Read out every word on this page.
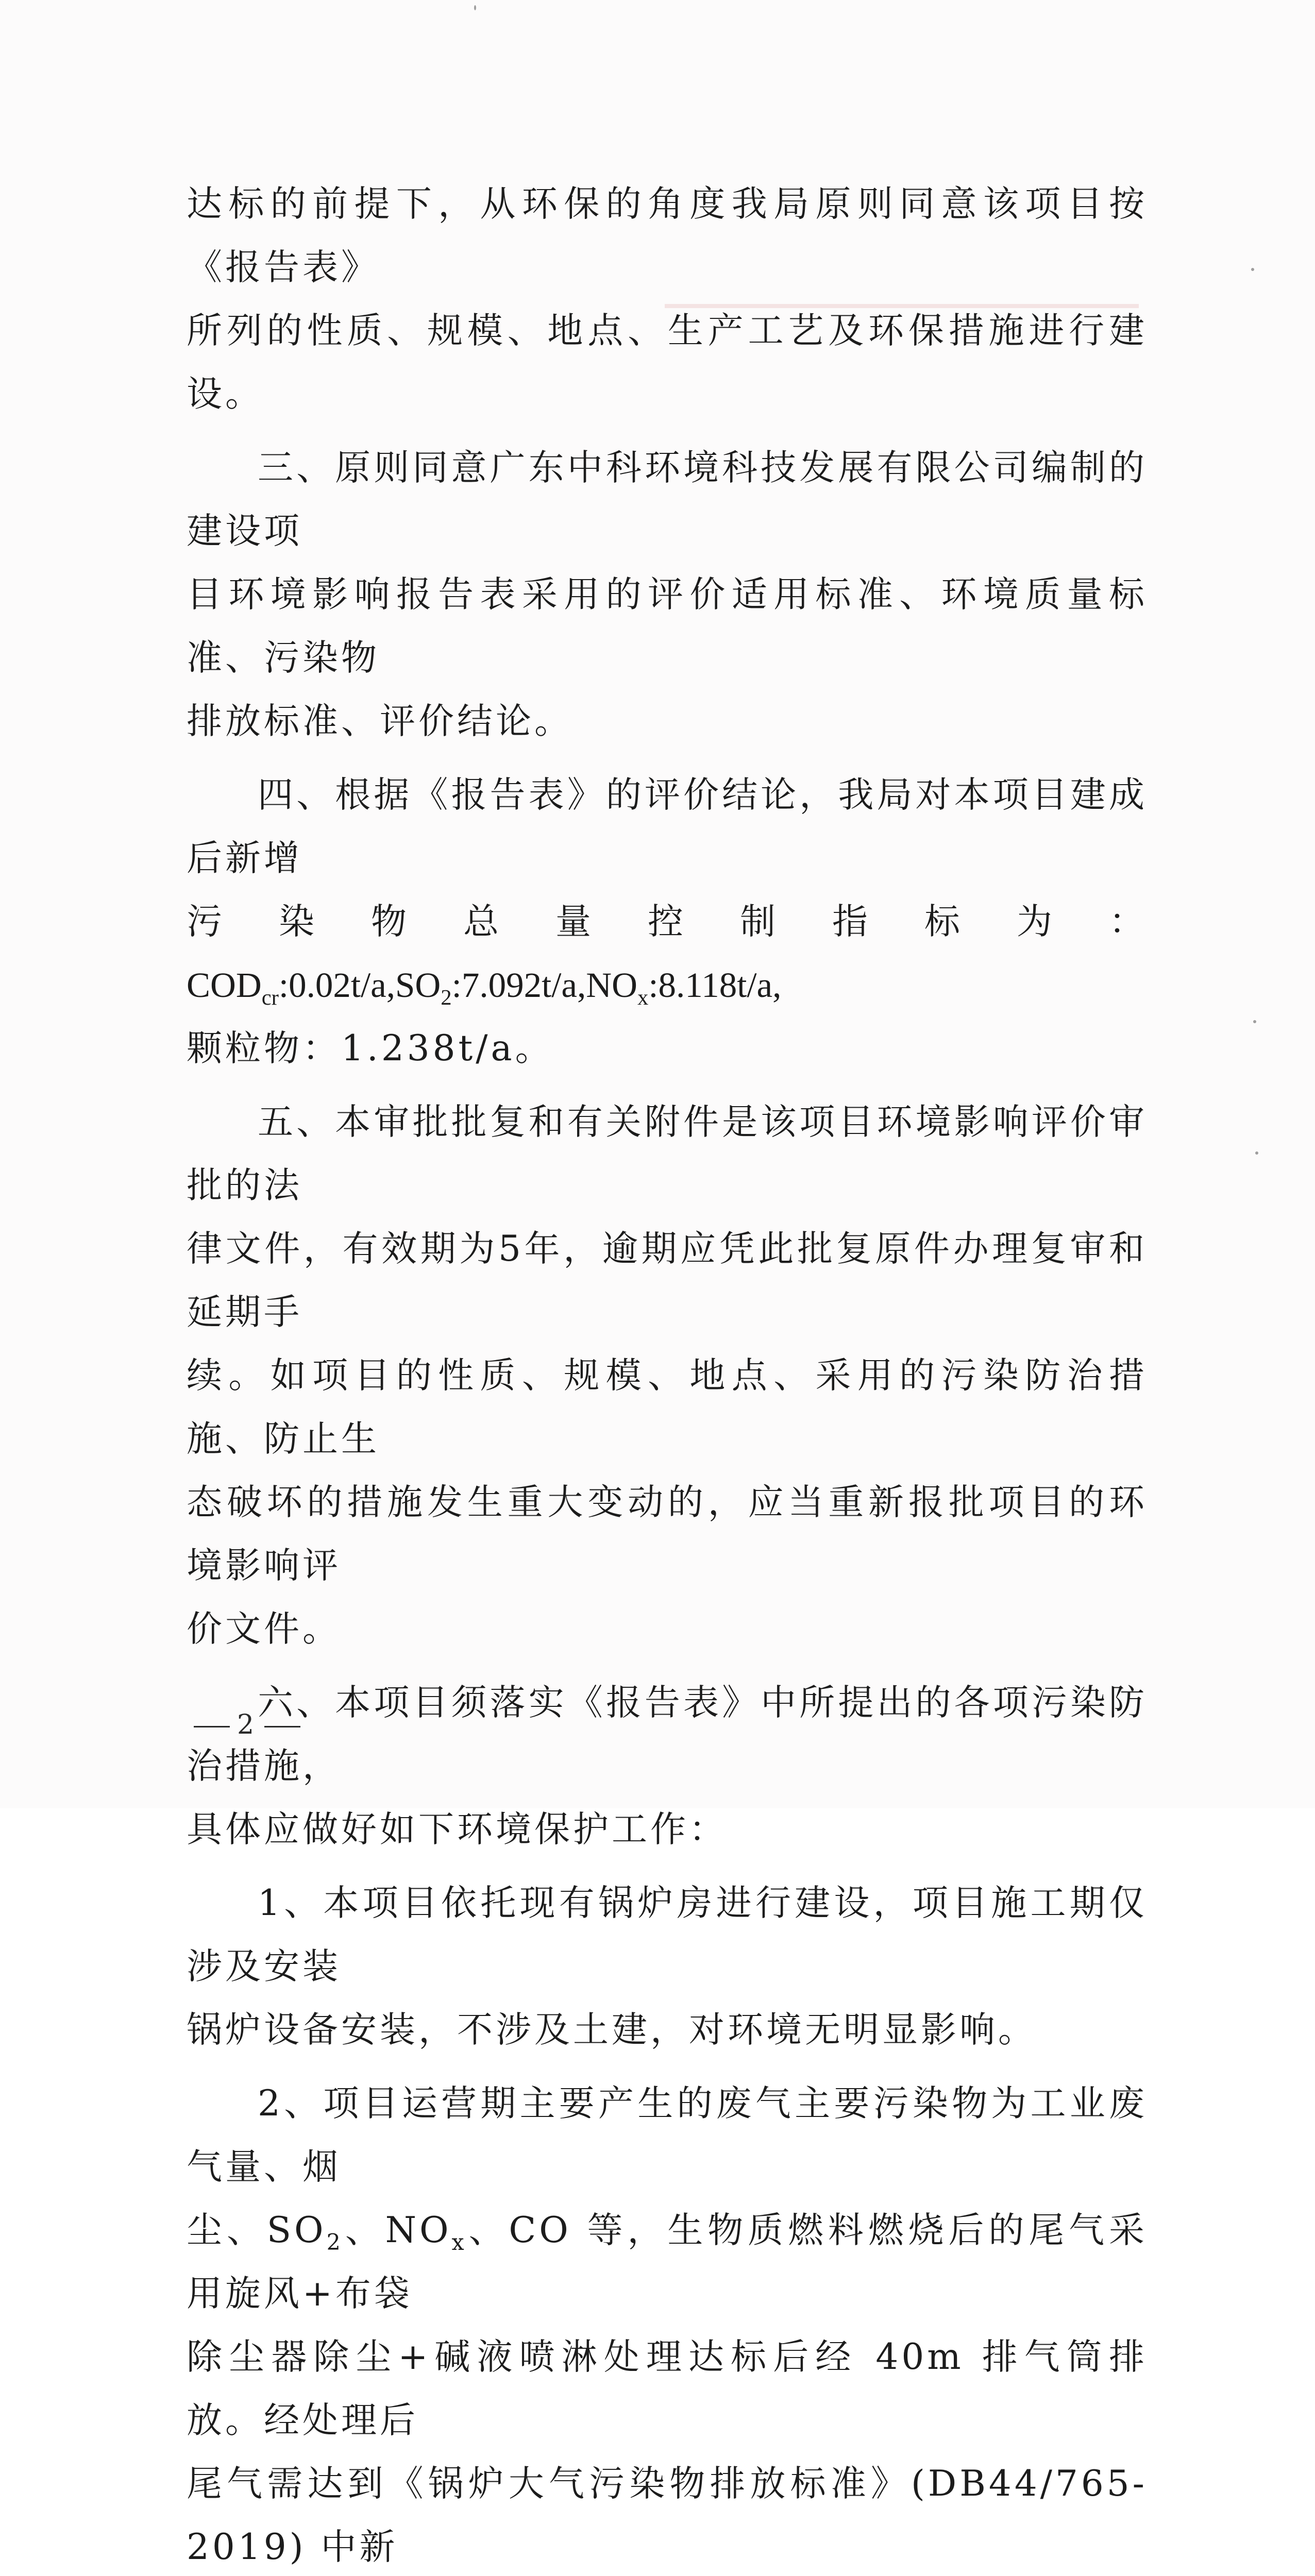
达标的前提下，从环保的角度我局原则同意该项目按《报告表》
所列的性质、规模、地点、生产工艺及环保措施进行建设。

三、原则同意广东中科环境科技发展有限公司编制的建设项
目环境影响报告表采用的评价适用标准、环境质量标准、污染物
排放标准、评价结论。

四、根据《报告表》的评价结论，我局对本项目建成后新增
污染物总量控制指标为：$COD_{cr}:0.02t/a,SO_2:7.092t/a,NO_x:8.118t/a$,
颗粒物：1.238t/a。

五、本审批批复和有关附件是该项目环境影响评价审批的法
律文件，有效期为5年，逾期应凭此批复原件办理复审和延期手
续。如项目的性质、规模、地点、采用的污染防治措施、防止生
态破坏的措施发生重大变动的，应当重新报批项目的环境影响评
价文件。

六、本项目须落实《报告表》中所提出的各项污染防治措施，
具体应做好如下环境保护工作：

1、本项目依托现有锅炉房进行建设，项目施工期仅涉及安装
锅炉设备安装，不涉及土建，对环境无明显影响。

2、项目运营期主要产生的废气主要污染物为工业废气量、烟
尘、$SO_2$、$NO_x$、CO 等，生物质燃料燃烧后的尾气采用旋风+布袋
除尘器除尘+碱液喷淋处理达标后经 40m 排气筒排放。经处理后
尾气需达到《锅炉大气污染物排放标准》(DB44/765-2019) 中新

2
